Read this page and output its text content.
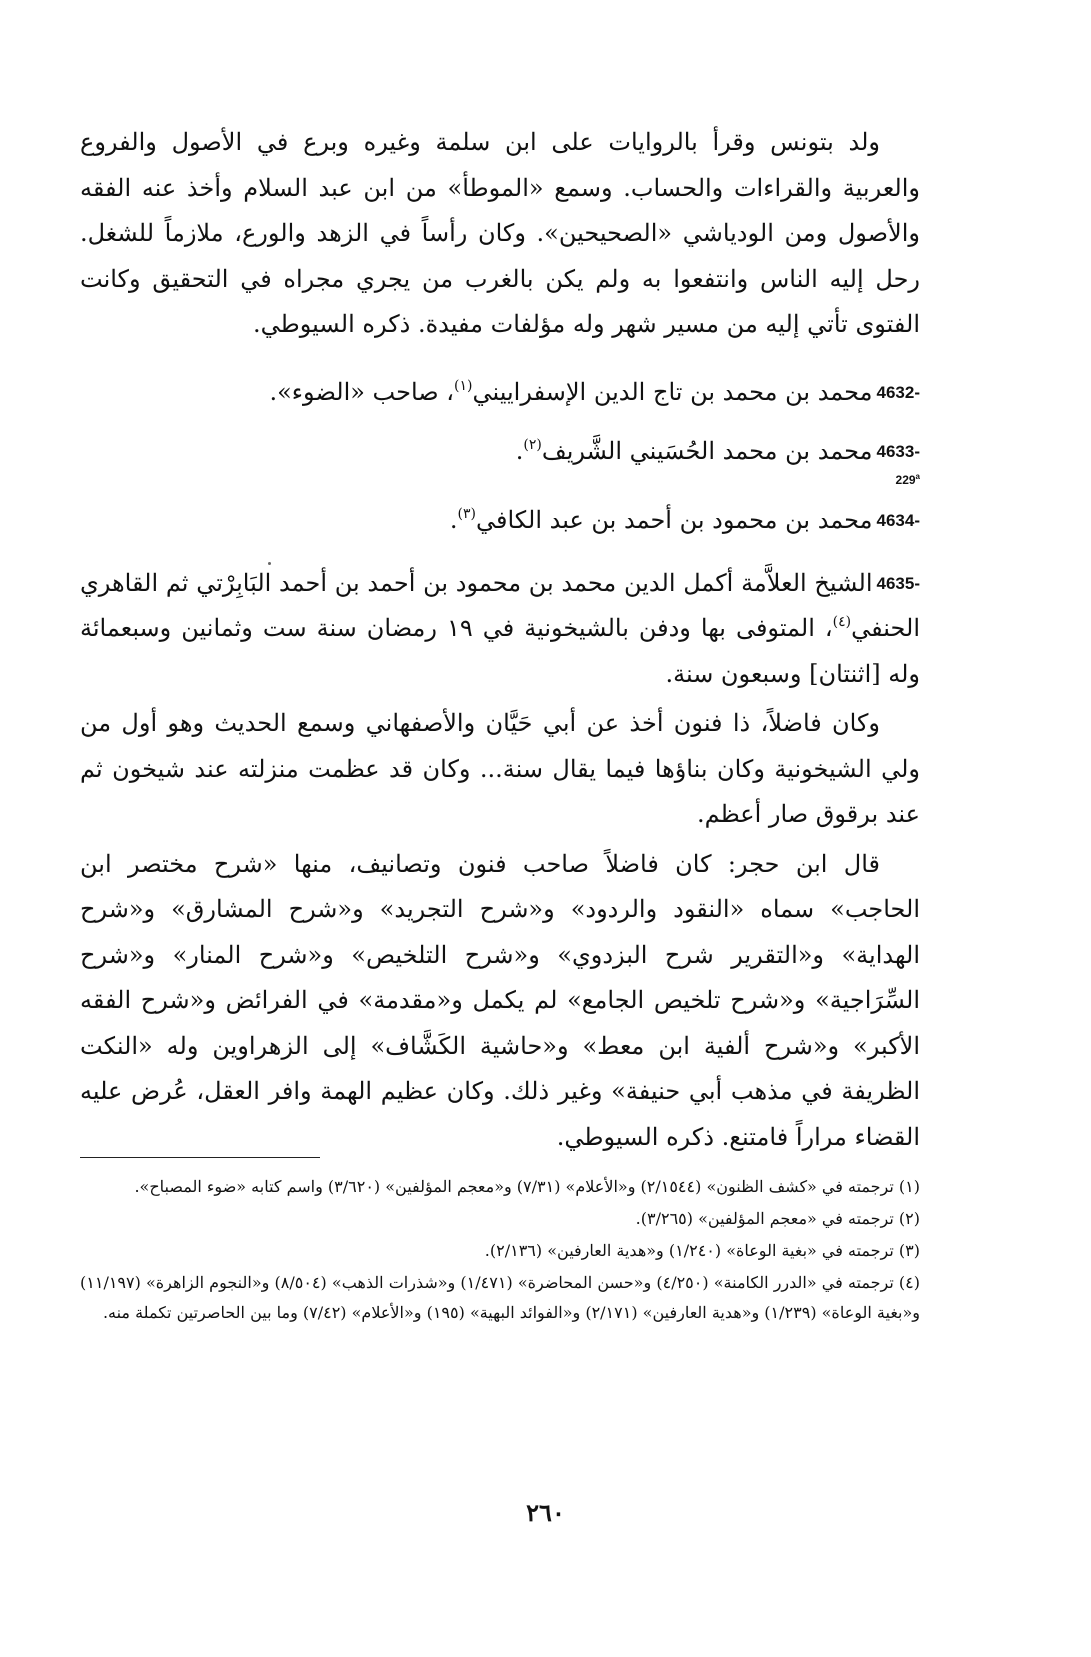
ولد بتونس وقرأ بالروايات على ابن سلمة وغيره وبرع في الأصول والفروع والعربية والقراءات والحساب. وسمع «الموطأ» من ابن عبد السلام وأخذ عنه الفقه والأصول ومن الودياشي «الصحيحين». وكان رأساً في الزهد والورع، ملازماً للشغل. رحل إليه الناس وانتفعوا به ولم يكن بالغرب من يجري مجراه في التحقيق وكانت الفتوى تأتي إليه من مسير شهر وله مؤلفات مفيدة. ذكره السيوطي.

4632-محمد بن محمد بن تاج الدين الإسفراييني$^{(١)}$، صاحب «الضوء».

4633-محمد بن محمد الحُسَيني الشَّريف$^{(٢)}$.

229$^a$

4634-محمد بن محمود بن أحمد بن عبد الكافي$^{(٣)}$.

4635-الشيخ العلاَّمة أكمل الدين محمد بن محمود بن أحمد بن أحمد البَابِرْتي ثم القاهري الحنفي$^{(٤)}$، المتوفى بها ودفن بالشيخونية في ١٩ رمضان سنة ست وثمانين وسبعمائة وله [اثنتان] وسبعون سنة.

وكان فاضلاً، ذا فنون أخذ عن أبي حَيَّان والأصفهاني وسمع الحديث وهو أول من ولي الشيخونية وكان بناؤها فيما يقال سنة... وكان قد عظمت منزلته عند شيخون ثم عند برقوق صار أعظم.

قال ابن حجر: كان فاضلاً صاحب فنون وتصانيف، منها «شرح مختصر ابن الحاجب» سماه «النقود والردود» و«شرح التجريد» و«شرح المشارق» و«شرح الهداية» و«التقرير شرح البزدوي» و«شرح التلخيص» و«شرح المنار» و«شرح السِّرَاجية» و«شرح تلخيص الجامع» لم يكمل و«مقدمة» في الفرائض و«شرح الفقه الأكبر» و«شرح ألفية ابن معط» و«حاشية الكَشَّاف» إلى الزهراوين وله «النكت الظريفة في مذهب أبي حنيفة» وغير ذلك. وكان عظيم الهمة وافر العقل، عُرض عليه القضاء مراراً فامتنع. ذكره السيوطي.

(١) ترجمته في «كشف الظنون» (٢/١٥٤٤) و«الأعلام» (٧/٣١) و«معجم المؤلفين» (٣/٦٢٠) واسم كتابه «ضوء المصباح».

(٢) ترجمته في «معجم المؤلفين» (٣/٢٦٥).

(٣) ترجمته في «بغية الوعاة» (١/٢٤٠) و«هدية العارفين» (٢/١٣٦).

(٤) ترجمته في «الدرر الكامنة» (٤/٢٥٠) و«حسن المحاضرة» (١/٤٧١) و«شذرات الذهب» (٨/٥٠٤) و«النجوم الزاهرة» (١١/١٩٧) و«بغية الوعاة» (١/٢٣٩) و«هدية العارفين» (٢/١٧١) و«الفوائد البهية» (١٩٥) و«الأعلام» (٧/٤٢) وما بين الحاصرتين تكملة منه.

٢٦٠
